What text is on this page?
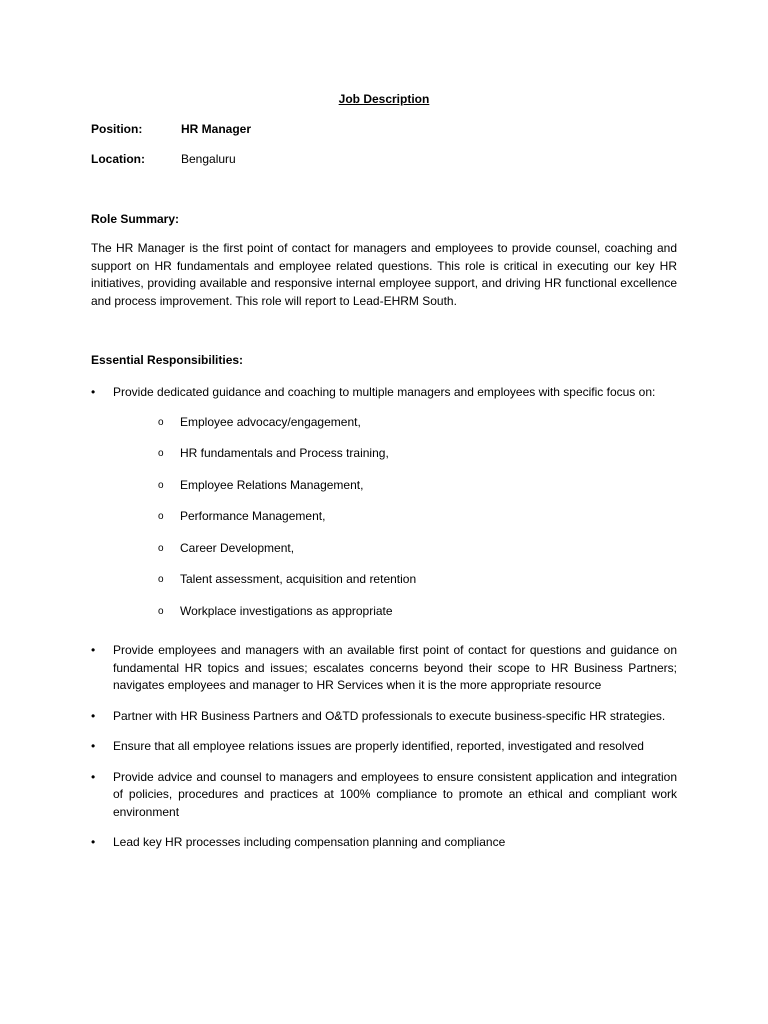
Job Description
Position:	HR Manager
Location:	Bengaluru
Role Summary:
The HR Manager is the first point of contact for managers and employees to provide counsel, coaching and support on HR fundamentals and employee related questions. This role is critical in executing our key HR initiatives, providing available and responsive internal employee support, and driving HR functional excellence and process improvement. This role will report to Lead-EHRM South.
Essential Responsibilities:
• Provide dedicated guidance and coaching to multiple managers and employees with specific focus on:
o Employee advocacy/engagement,
o HR fundamentals and Process training,
o Employee Relations Management,
o Performance Management,
o Career Development,
o Talent assessment, acquisition and retention
o Workplace investigations as appropriate
• Provide employees and managers with an available first point of contact for questions and guidance on fundamental HR topics and issues; escalates concerns beyond their scope to HR Business Partners; navigates employees and manager to HR Services when it is the more appropriate resource
• Partner with HR Business Partners and O&TD professionals to execute business-specific HR strategies.
• Ensure that all employee relations issues are properly identified, reported, investigated and resolved
• Provide advice and counsel to managers and employees to ensure consistent application and integration of policies, procedures and practices at 100% compliance to promote an ethical and compliant work environment
• Lead key HR processes including compensation planning and compliance
